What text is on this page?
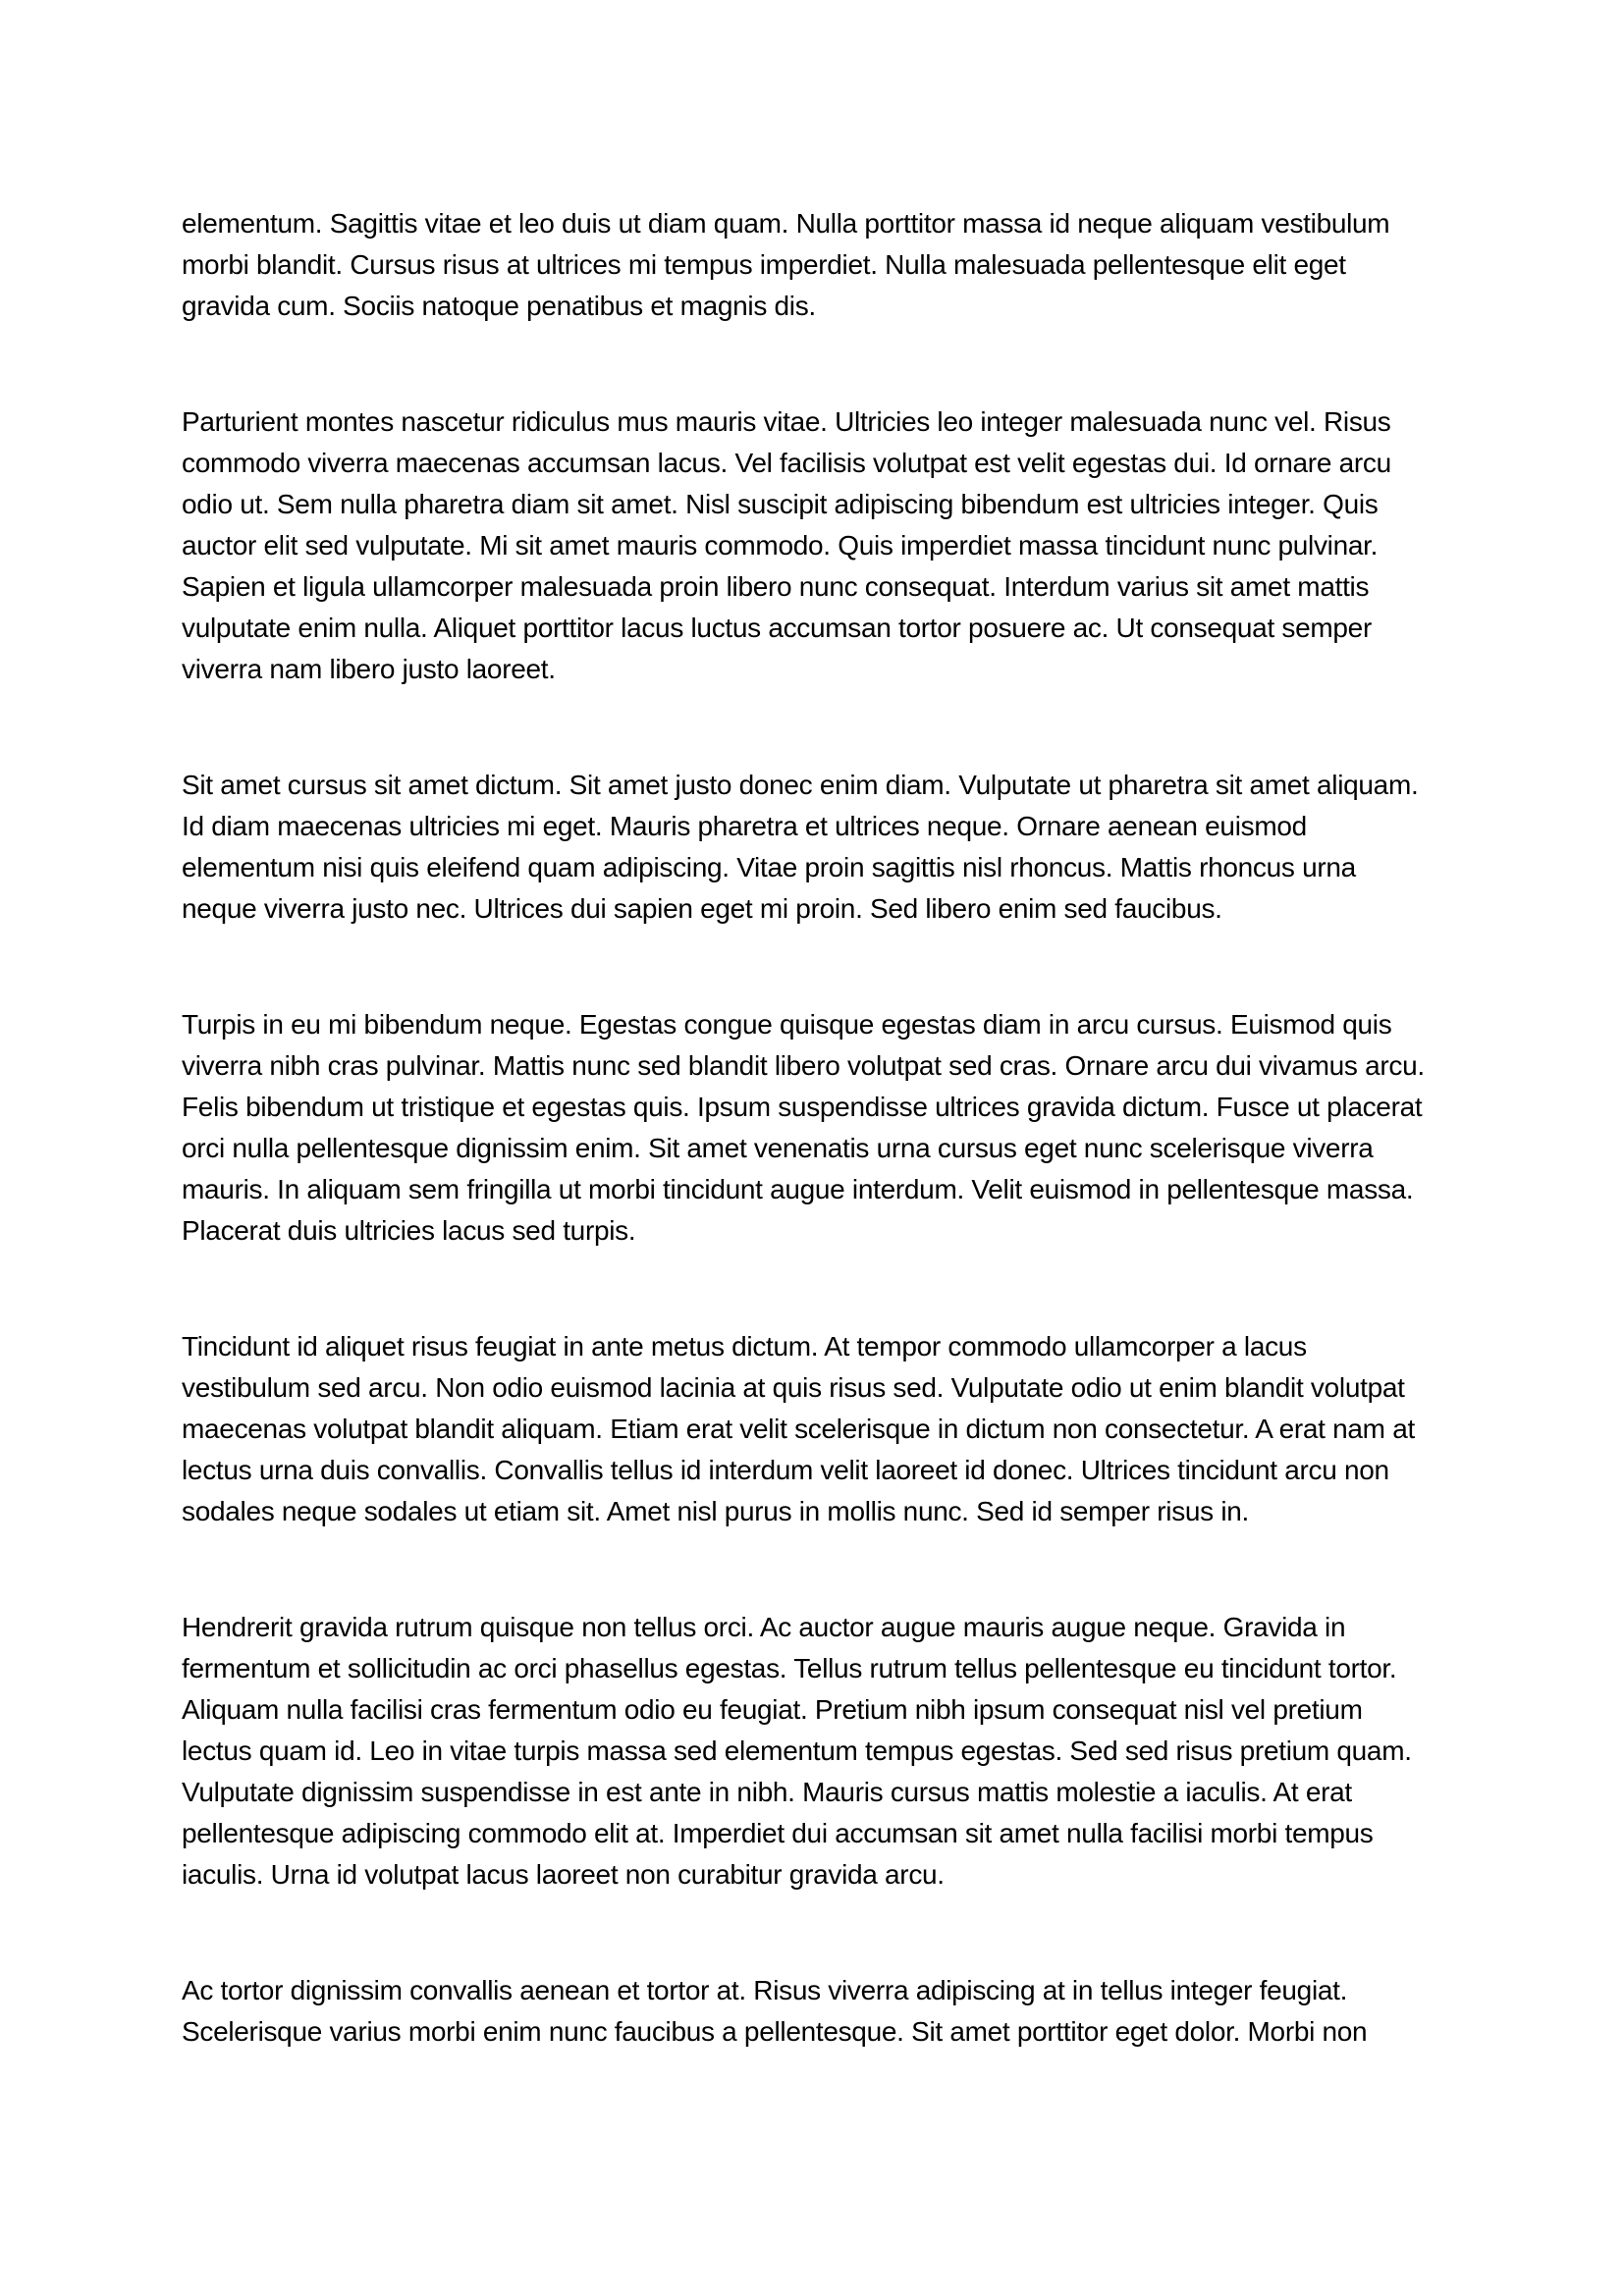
elementum. Sagittis vitae et leo duis ut diam quam. Nulla porttitor massa id neque aliquam vestibulum morbi blandit. Cursus risus at ultrices mi tempus imperdiet. Nulla malesuada pellentesque elit eget gravida cum. Sociis natoque penatibus et magnis dis.

Parturient montes nascetur ridiculus mus mauris vitae. Ultricies leo integer malesuada nunc vel. Risus commodo viverra maecenas accumsan lacus. Vel facilisis volutpat est velit egestas dui. Id ornare arcu odio ut. Sem nulla pharetra diam sit amet. Nisl suscipit adipiscing bibendum est ultricies integer. Quis auctor elit sed vulputate. Mi sit amet mauris commodo. Quis imperdiet massa tincidunt nunc pulvinar. Sapien et ligula ullamcorper malesuada proin libero nunc consequat. Interdum varius sit amet mattis vulputate enim nulla. Aliquet porttitor lacus luctus accumsan tortor posuere ac. Ut consequat semper viverra nam libero justo laoreet.

Sit amet cursus sit amet dictum. Sit amet justo donec enim diam. Vulputate ut pharetra sit amet aliquam. Id diam maecenas ultricies mi eget. Mauris pharetra et ultrices neque. Ornare aenean euismod elementum nisi quis eleifend quam adipiscing. Vitae proin sagittis nisl rhoncus. Mattis rhoncus urna neque viverra justo nec. Ultrices dui sapien eget mi proin. Sed libero enim sed faucibus.

Turpis in eu mi bibendum neque. Egestas congue quisque egestas diam in arcu cursus. Euismod quis viverra nibh cras pulvinar. Mattis nunc sed blandit libero volutpat sed cras. Ornare arcu dui vivamus arcu. Felis bibendum ut tristique et egestas quis. Ipsum suspendisse ultrices gravida dictum. Fusce ut placerat orci nulla pellentesque dignissim enim. Sit amet venenatis urna cursus eget nunc scelerisque viverra mauris. In aliquam sem fringilla ut morbi tincidunt augue interdum. Velit euismod in pellentesque massa. Placerat duis ultricies lacus sed turpis.

Tincidunt id aliquet risus feugiat in ante metus dictum. At tempor commodo ullamcorper a lacus vestibulum sed arcu. Non odio euismod lacinia at quis risus sed. Vulputate odio ut enim blandit volutpat maecenas volutpat blandit aliquam. Etiam erat velit scelerisque in dictum non consectetur. A erat nam at lectus urna duis convallis. Convallis tellus id interdum velit laoreet id donec. Ultrices tincidunt arcu non sodales neque sodales ut etiam sit. Amet nisl purus in mollis nunc. Sed id semper risus in.

Hendrerit gravida rutrum quisque non tellus orci. Ac auctor augue mauris augue neque. Gravida in fermentum et sollicitudin ac orci phasellus egestas. Tellus rutrum tellus pellentesque eu tincidunt tortor. Aliquam nulla facilisi cras fermentum odio eu feugiat. Pretium nibh ipsum consequat nisl vel pretium lectus quam id. Leo in vitae turpis massa sed elementum tempus egestas. Sed sed risus pretium quam. Vulputate dignissim suspendisse in est ante in nibh. Mauris cursus mattis molestie a iaculis. At erat pellentesque adipiscing commodo elit at. Imperdiet dui accumsan sit amet nulla facilisi morbi tempus iaculis. Urna id volutpat lacus laoreet non curabitur gravida arcu.

Ac tortor dignissim convallis aenean et tortor at. Risus viverra adipiscing at in tellus integer feugiat. Scelerisque varius morbi enim nunc faucibus a pellentesque. Sit amet porttitor eget dolor. Morbi non
